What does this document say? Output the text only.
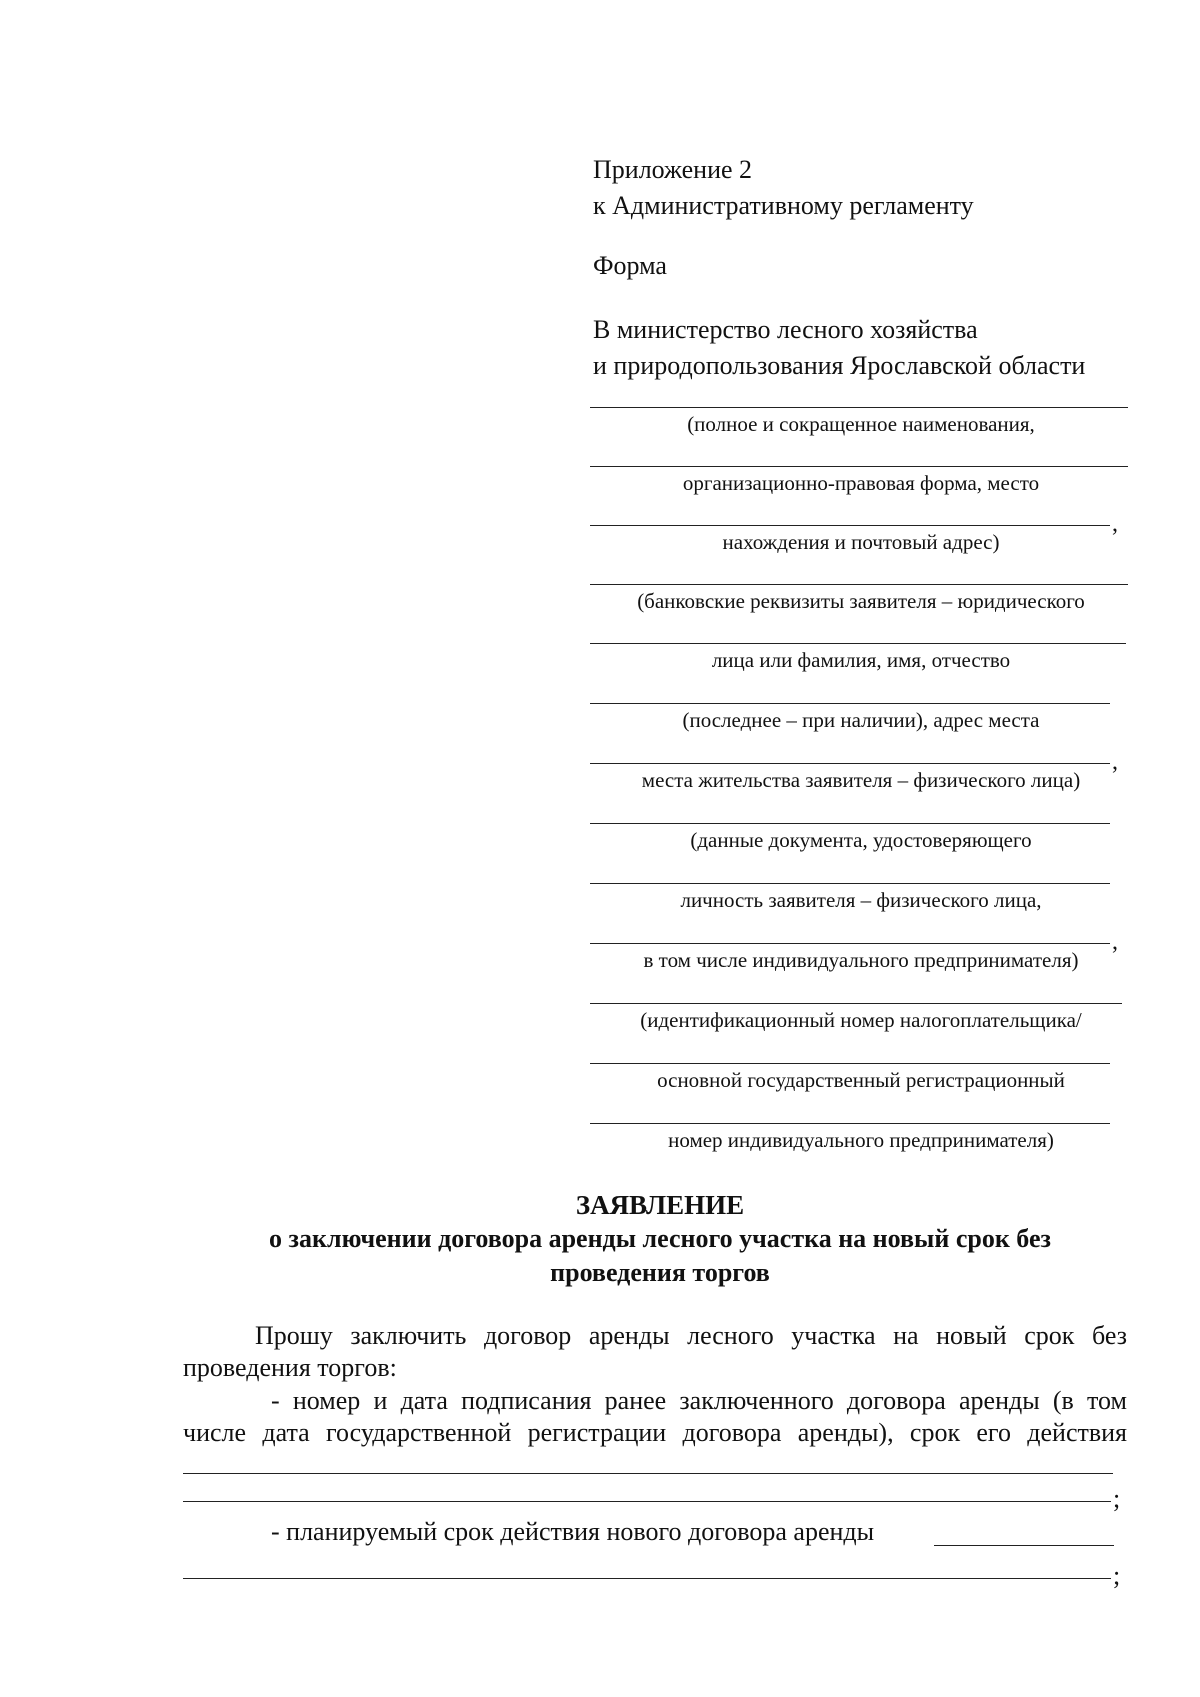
Приложение 2
к Административному регламенту
Форма
В министерство лесного хозяйства
и природопользования Ярославской области
(полное и сокращенное наименования,
организационно-правовая форма, место
,
нахождения и почтовый адрес)
(банковские реквизиты заявителя – юридического
лица или фамилия, имя, отчество
(последнее – при наличии), адрес места
,
места жительства заявителя – физического лица)
(данные документа, удостоверяющего
личность заявителя – физического лица,
,
в том числе индивидуального предпринимателя)
(идентификационный номер налогоплательщика/
основной государственный регистрационный
номер индивидуального предпринимателя)
ЗАЯВЛЕНИЕ
о заключении договора аренды лесного участка на новый срок без
проведения торгов
Прошу заключить договор аренды лесного участка на новый срок без
проведения торгов:
- номер и дата подписания ранее заключенного договора аренды (в том
числе дата государственной регистрации договора аренды), срок его действия
;
- планируемый срок действия нового договора аренды
;
